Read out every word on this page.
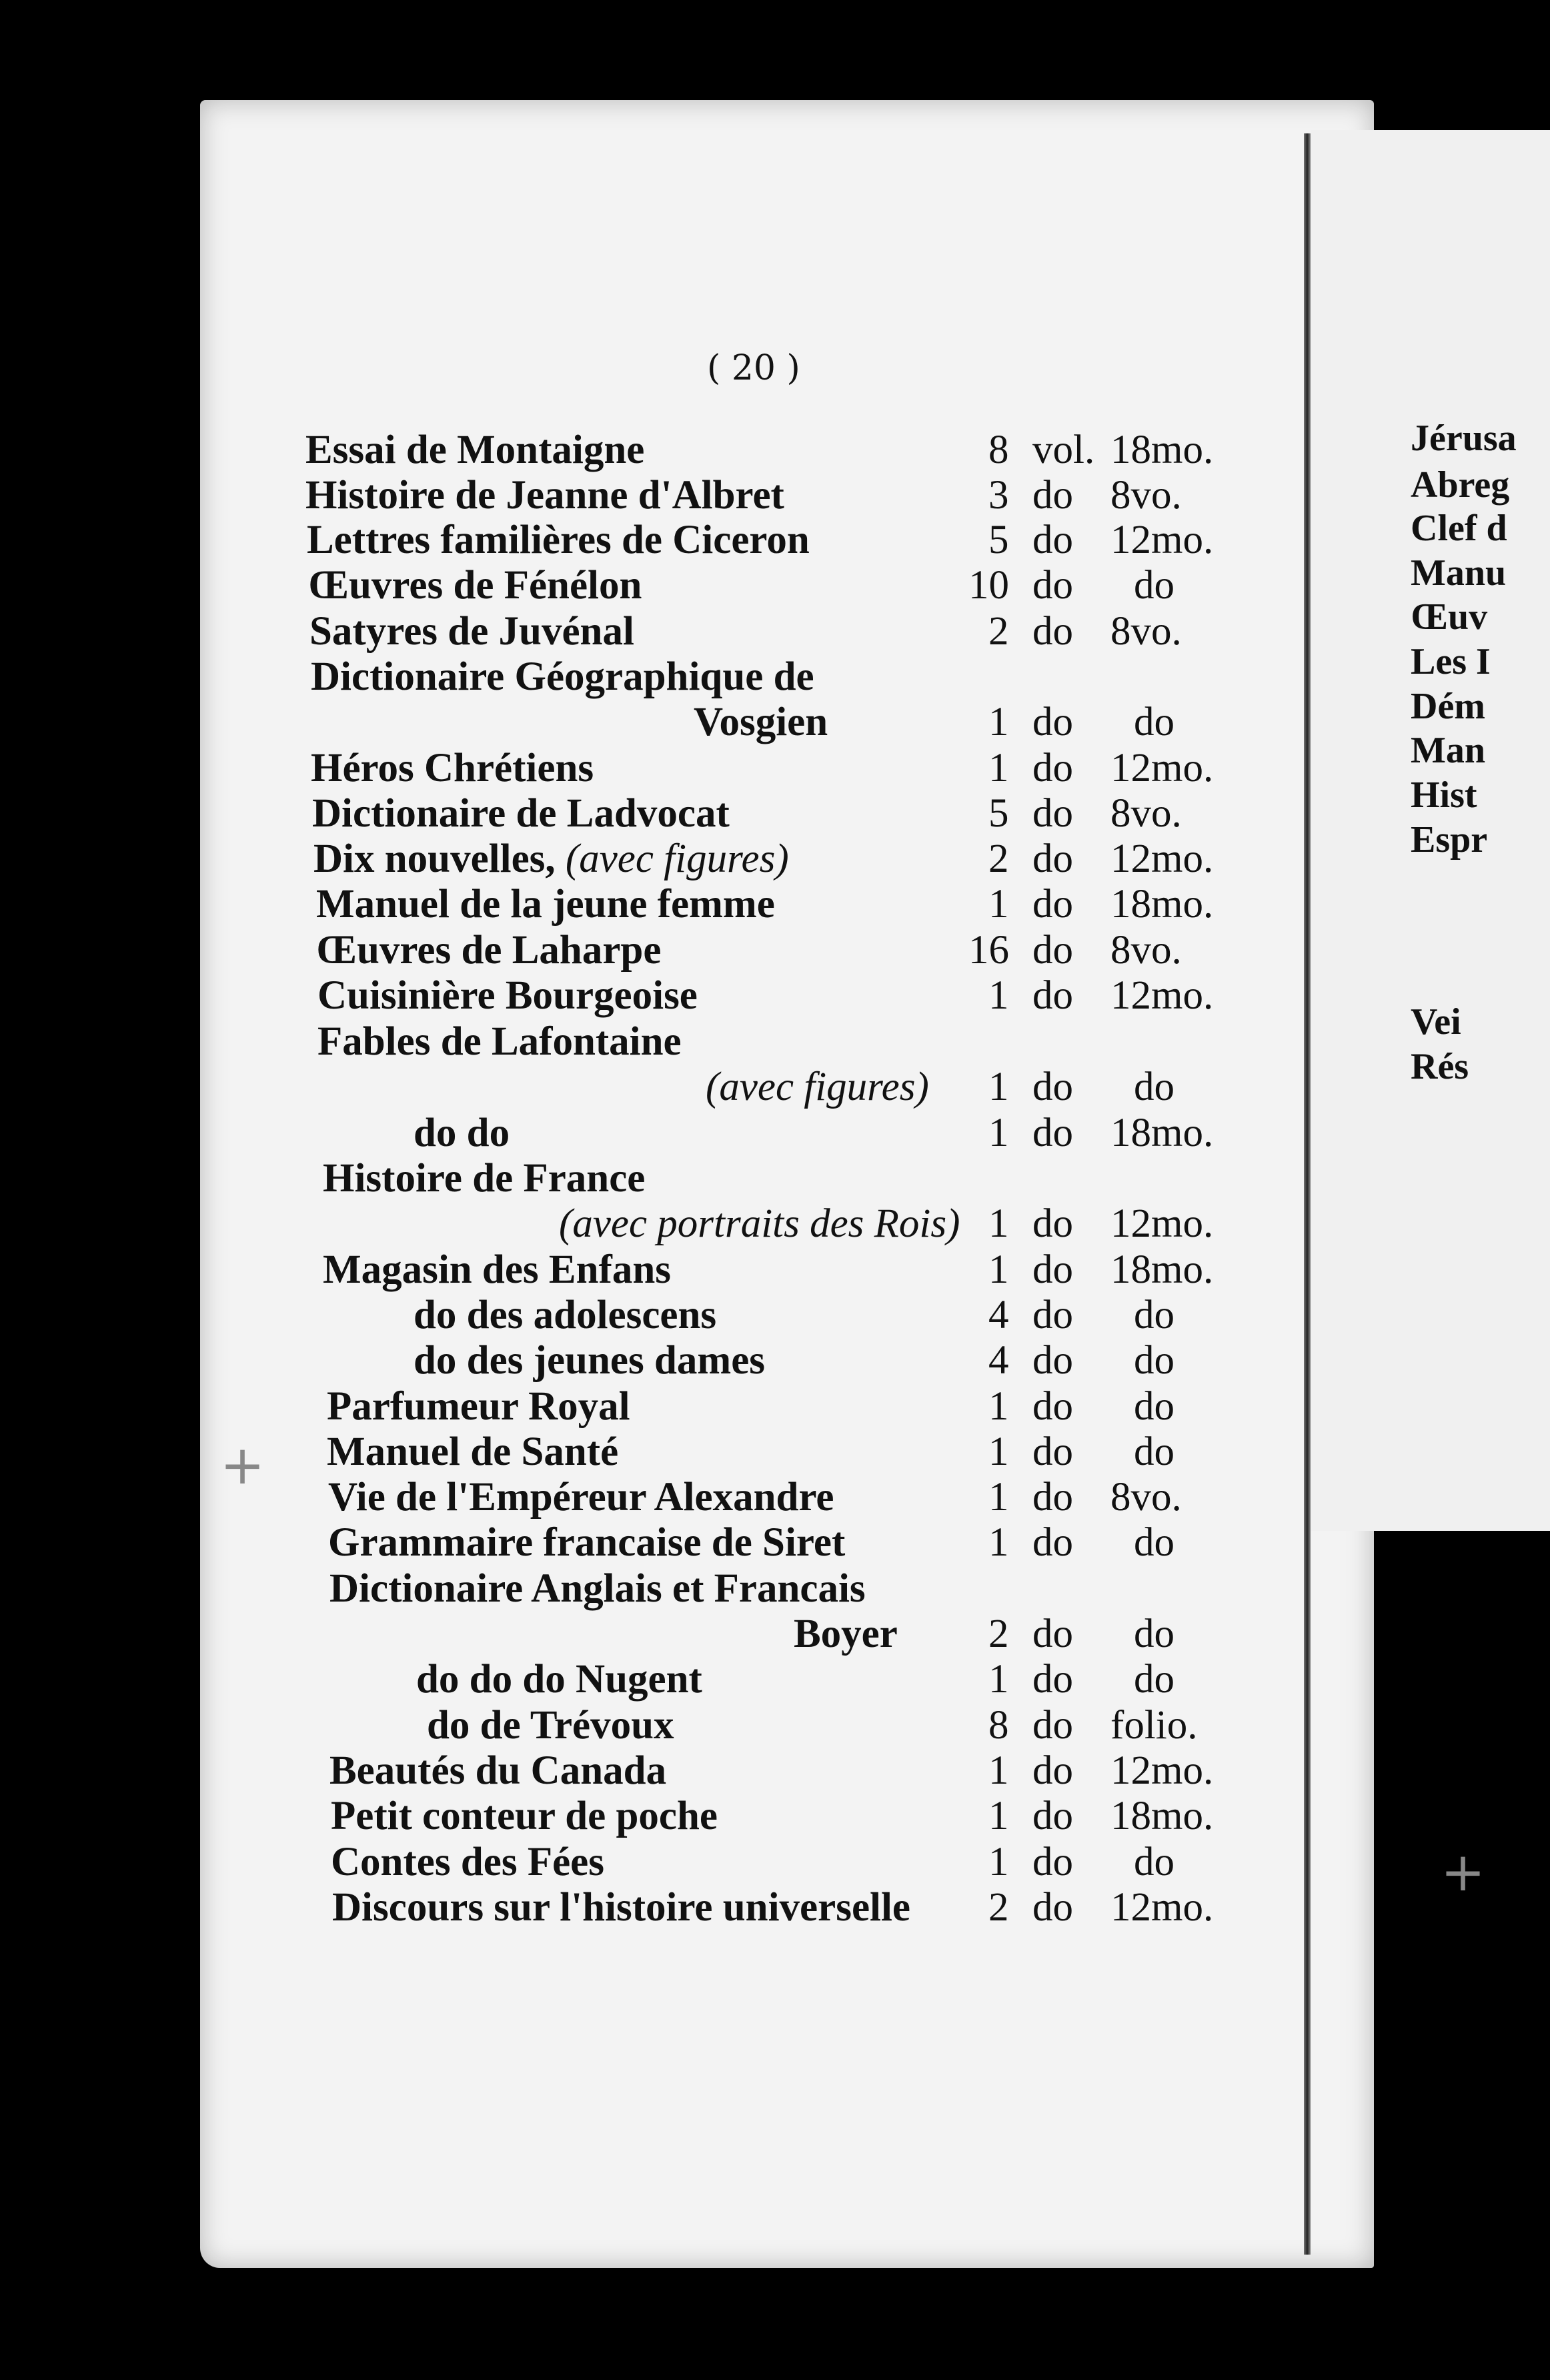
Jérusa
Abreg
Clef d
Manu
Œuv
Les I
Dém
Man
Hist
Espr
Vei
Rés
( 20 )
Essai de Montaigne	8 vol. 18mo.
Histoire de Jeanne d'Albret	3 do 8vo.
Lettres familières de Ciceron	5 do 12mo.
Œuvres de Fénélon	10 do do
Satyres de Juvénal	2 do 8vo.
Dictionaire Géographique de
Vosgien	1 do do
Héros Chrétiens	1 do 12mo.
Dictionaire de Ladvocat	5 do 8vo.
Dix nouvelles, (avec figures)	2 do 12mo.
Manuel de la jeune femme	1 do 18mo.
Œuvres de Laharpe	16 do 8vo.
Cuisinière Bourgeoise	1 do 12mo.
Fables de Lafontaine
(avec figures) 1 do do
do do	1 do 18mo.
Histoire de France
(avec portraits des Rois) 1 do 12mo.
Magasin des Enfans	1 do 18mo.
do des adolescens	4 do do
do des jeunes dames	4 do do
Parfumeur Royal	1 do do
Manuel de Santé	1 do do
Vie de l'Empéreur Alexandre	1 do 8vo.
Grammaire francaise de Siret	1 do do
Dictionaire Anglais et Francais
Boyer 2 do do
do do do Nugent	1 do do
do de Trévoux	8 do folio.
Beautés du Canada	1 do 12mo.
Petit conteur de poche	1 do 18mo.
Contes des Fées	1 do do
Discours sur l'histoire universelle 2 do 12mo.
+
+
